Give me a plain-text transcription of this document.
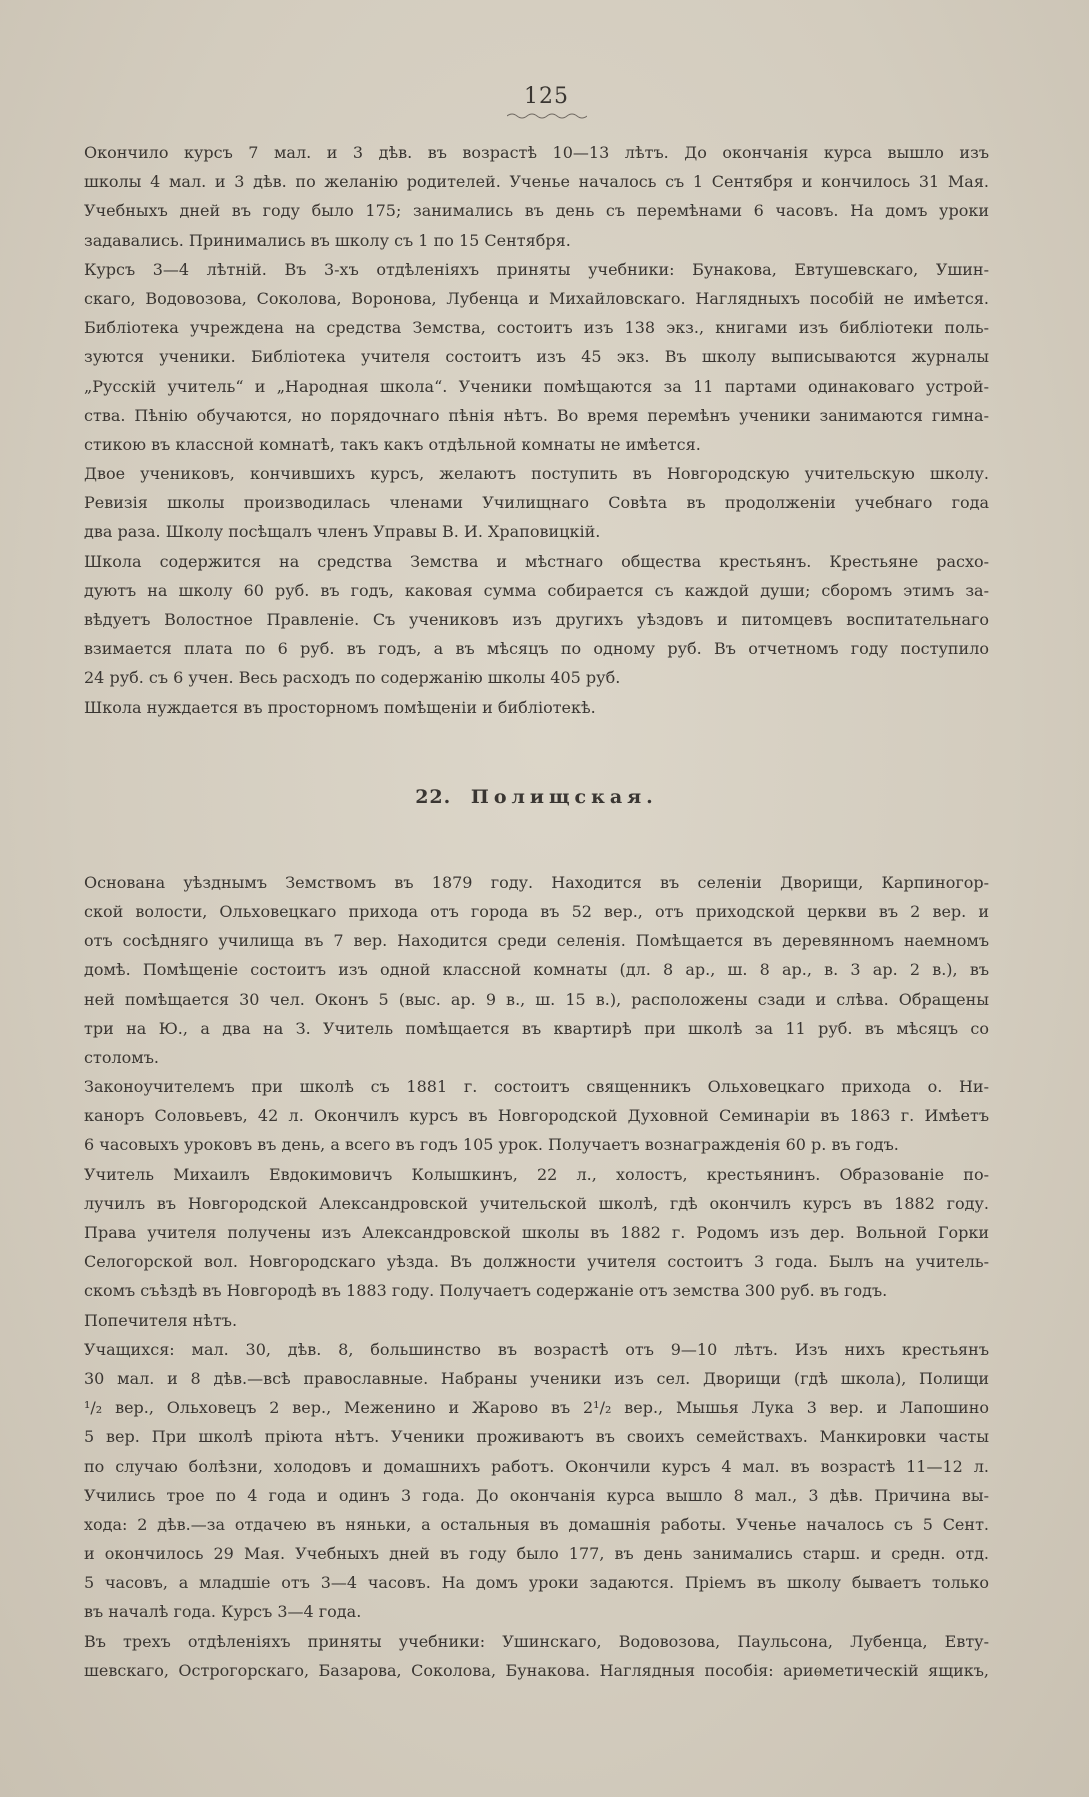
125
Окончило курсъ 7 мал. и 3 дѣв. въ возрастѣ 10—13 лѣтъ. До окончанія курса вышло изъ
школы 4 мал. и 3 дѣв. по желанію родителей. Ученье началось съ 1 Сентября и кончилось 31 Мая.
Учебныхъ дней въ году было 175; занимались въ день съ перемѣнами 6 часовъ. На домъ уроки
задавались. Принимались въ школу съ 1 по 15 Сентября.
Курсъ 3—4 лѣтній. Въ 3-хъ отдѣленіяхъ приняты учебники: Бунакова, Евтушевскаго, Ушин-
скаго, Водовозова, Соколова, Воронова, Лубенца и Михайловскаго. Наглядныхъ пособій не имѣется.
Библіотека учреждена на средства Земства, состоитъ изъ 138 экз., книгами изъ библіотеки поль-
зуются ученики. Библіотека учителя состоитъ изъ 45 экз. Въ школу выписываются журналы
„Русскій учитель“ и „Народная школа“. Ученики помѣщаются за 11 партами одинаковаго устрой-
ства. Пѣнію обучаются, но порядочнаго пѣнія нѣтъ. Во время перемѣнъ ученики занимаются гимна-
стикою въ классной комнатѣ, такъ какъ отдѣльной комнаты не имѣется.
Двое учениковъ, кончившихъ курсъ, желаютъ поступить въ Новгородскую учительскую школу.
Ревизія школы производилась членами Училищнаго Совѣта въ продолженіи учебнаго года
два раза. Школу посѣщалъ членъ Управы В. И. Храповицкій.
Школа содержится на средства Земства и мѣстнаго общества крестьянъ. Крестьяне расхо-
дуютъ на школу 60 руб. въ годъ, каковая сумма собирается съ каждой души; сборомъ этимъ за-
вѣдуетъ Волостное Правленіе. Съ учениковъ изъ другихъ уѣздовъ и питомцевъ воспитательнаго
взимается плата по 6 руб. въ годъ, а въ мѣсяцъ по одному руб. Въ отчетномъ году поступило
24 руб. съ 6 учен. Весь расходъ по содержанію школы 405 руб.
Школа нуждается въ просторномъ помѣщеніи и библіотекѣ.
22. Полищская.
Основана уѣзднымъ Земствомъ въ 1879 году. Находится въ селеніи Дворищи, Карпиногор-
ской волости, Ольховецкаго прихода отъ города въ 52 вер., отъ приходской церкви въ 2 вер. и
отъ сосѣдняго училища въ 7 вер. Находится среди селенія. Помѣщается въ деревянномъ наемномъ
домѣ. Помѣщеніе состоитъ изъ одной классной комнаты (дл. 8 ар., ш. 8 ар., в. 3 ар. 2 в.), въ
ней помѣщается 30 чел. Оконъ 5 (выс. ар. 9 в., ш. 15 в.), расположены сзади и слѣва. Обращены
три на Ю., а два на З. Учитель помѣщается въ квартирѣ при школѣ за 11 руб. въ мѣсяцъ со
столомъ.
Законоучителемъ при школѣ съ 1881 г. состоитъ священникъ Ольховецкаго прихода о. Ни-
каноръ Соловьевъ, 42 л. Окончилъ курсъ въ Новгородской Духовной Семинаріи въ 1863 г. Имѣетъ
6 часовыхъ уроковъ въ день, а всего въ годъ 105 урок. Получаетъ вознагражденія 60 р. въ годъ.
Учитель Михаилъ Евдокимовичъ Колышкинъ, 22 л., холостъ, крестьянинъ. Образованіе по-
лучилъ въ Новгородской Александровской учительской школѣ, гдѣ окончилъ курсъ въ 1882 году.
Права учителя получены изъ Александровской школы въ 1882 г. Родомъ изъ дер. Вольной Горки
Селогорской вол. Новгородскаго уѣзда. Въ должности учителя состоитъ 3 года. Былъ на учитель-
скомъ съѣздѣ въ Новгородѣ въ 1883 году. Получаетъ содержаніе отъ земства 300 руб. въ годъ.
Попечителя нѣтъ.
Учащихся: мал. 30, дѣв. 8, большинство въ возрастѣ отъ 9—10 лѣтъ. Изъ нихъ крестьянъ
30 мал. и 8 дѣв.—всѣ православные. Набраны ученики изъ сел. Дворищи (гдѣ школа), Полищи
¹/₂ вер., Ольховецъ 2 вер., Меженино и Жарово въ 2¹/₂ вер., Мышья Лука 3 вер. и Лапошино
5 вер. При школѣ пріюта нѣтъ. Ученики проживаютъ въ своихъ семействахъ. Манкировки часты
по случаю болѣзни, холодовъ и домашнихъ работъ. Окончили курсъ 4 мал. въ возрастѣ 11—12 л.
Учились трое по 4 года и одинъ 3 года. До окончанія курса вышло 8 мал., 3 дѣв. Причина вы-
хода: 2 дѣв.—за отдачею въ няньки, а остальныя въ домашнія работы. Ученье началось съ 5 Сент.
и окончилось 29 Мая. Учебныхъ дней въ году было 177, въ день занимались старш. и средн. отд.
5 часовъ, а младшіе отъ 3—4 часовъ. На домъ уроки задаются. Пріемъ въ школу бываетъ только
въ началѣ года. Курсъ 3—4 года.
Въ трехъ отдѣленіяхъ приняты учебники: Ушинскаго, Водовозова, Паульсона, Лубенца, Евту-
шевскаго, Острогорскаго, Базарова, Соколова, Бунакова. Наглядныя пособія: ариѳметическій ящикъ,
